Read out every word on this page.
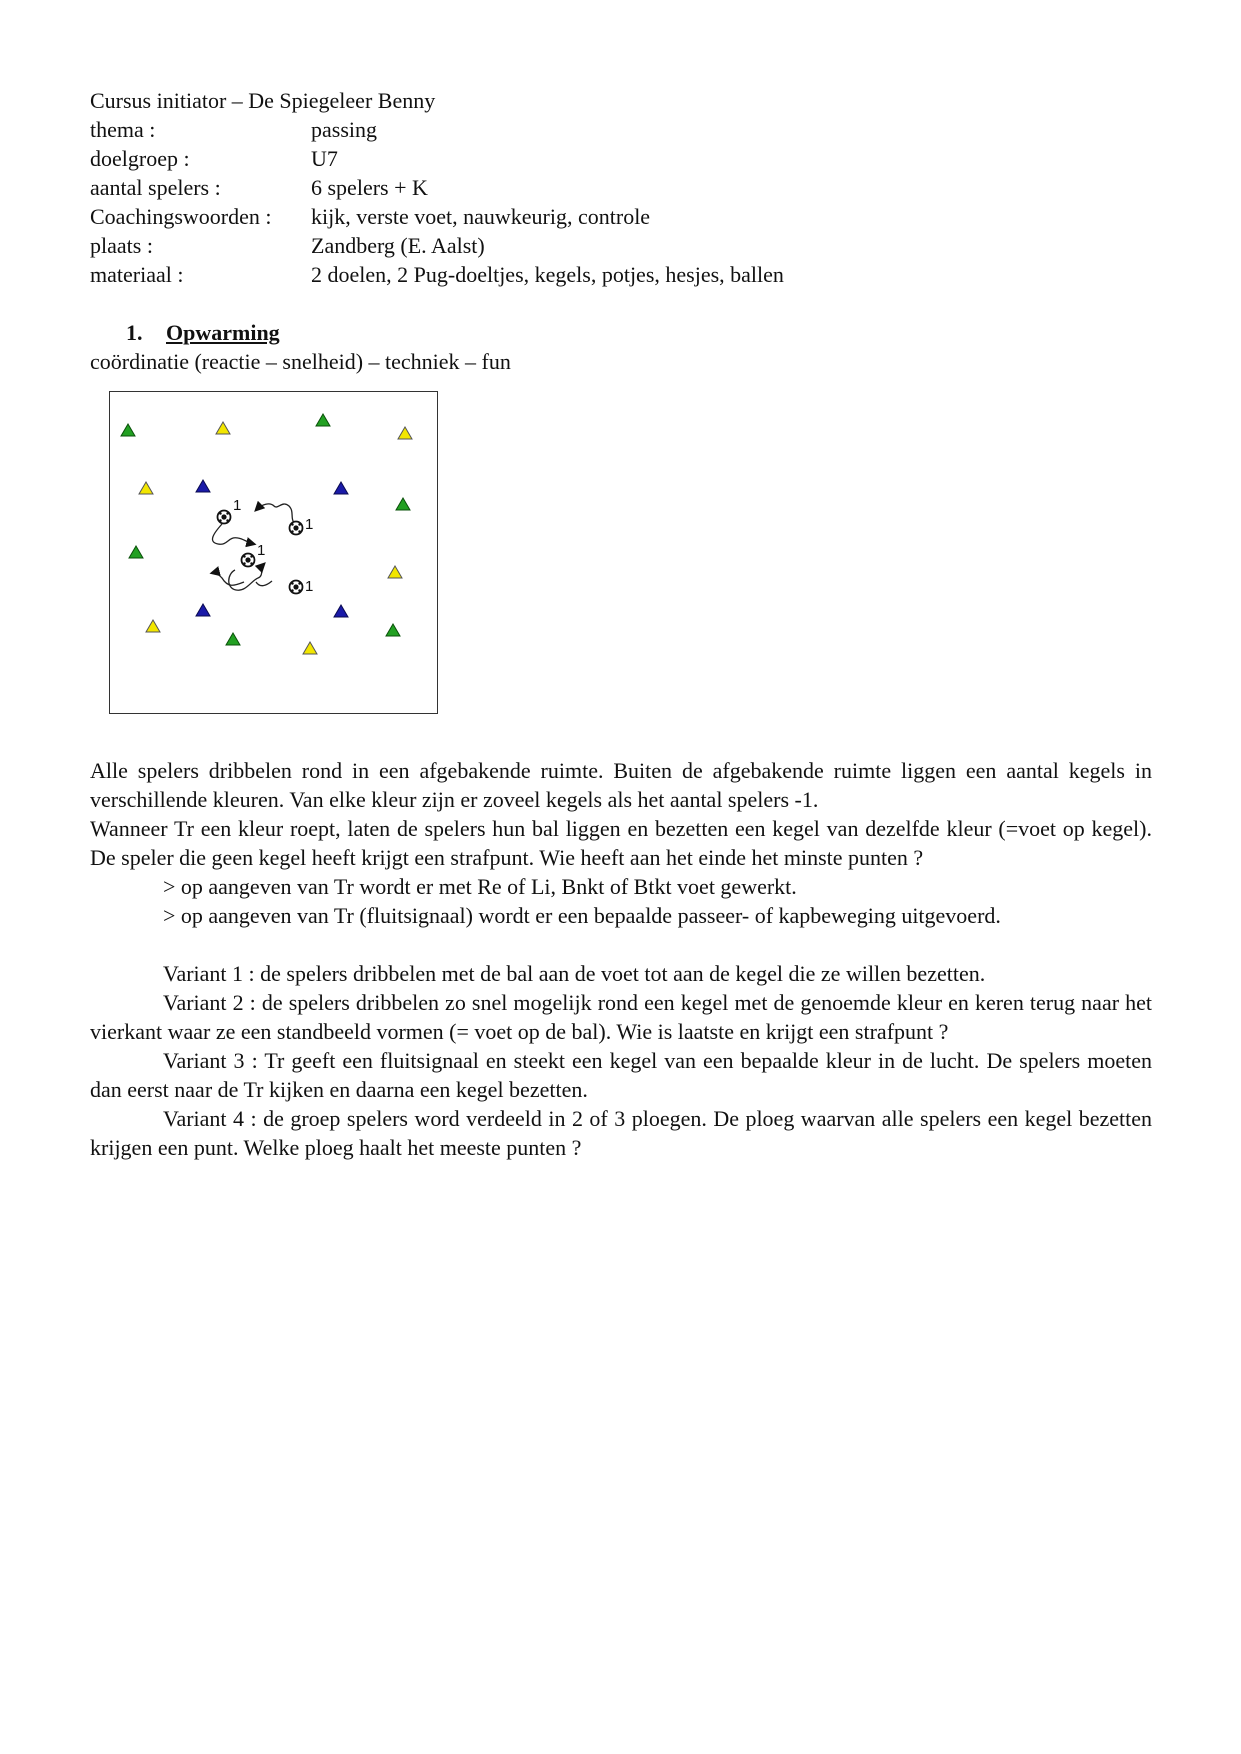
Cursus initiator – De Spiegeleer Benny
thema :	passing
doelgroep :	U7
aantal spelers :	6 spelers + K
Coachingswoorden :	kijk, verste voet, nauwkeurig, controle
plaats :	Zandberg (E. Aalst)
materiaal :	2 doelen, 2 Pug-doeltjes, kegels, potjes, hesjes, ballen
1. Opwarming
coördinatie (reactie – snelheid) – techniek – fun
1
1
1
1
Alle spelers dribbelen rond in een afgebakende ruimte. Buiten de afgebakende ruimte liggen een aantal kegels in verschillende kleuren. Van elke kleur zijn er zoveel kegels als het aantal spelers -1.
Wanneer Tr een kleur roept, laten de spelers hun bal liggen en bezetten een kegel van dezelfde kleur (=voet op kegel). De speler die geen kegel heeft krijgt een strafpunt. Wie heeft aan het einde het minste punten ?
> op aangeven van Tr wordt er met Re of Li, Bnkt of Btkt voet gewerkt.
> op aangeven van Tr (fluitsignaal) wordt er een bepaalde passeer- of kapbeweging uitgevoerd.
Variant 1 : de spelers dribbelen met de bal aan de voet tot aan de kegel die ze willen bezetten.
Variant 2 : de spelers dribbelen zo snel mogelijk rond een kegel met de genoemde kleur en keren terug naar het vierkant waar ze een standbeeld vormen (= voet op de bal). Wie is laatste en krijgt een strafpunt ?
Variant 3 : Tr geeft een fluitsignaal en steekt een kegel van een bepaalde kleur in de lucht. De spelers moeten dan eerst naar de Tr kijken en daarna een kegel bezetten.
Variant 4 : de groep spelers word verdeeld in 2 of 3 ploegen. De ploeg waarvan alle spelers een kegel bezetten krijgen een punt. Welke ploeg haalt het meeste punten ?
